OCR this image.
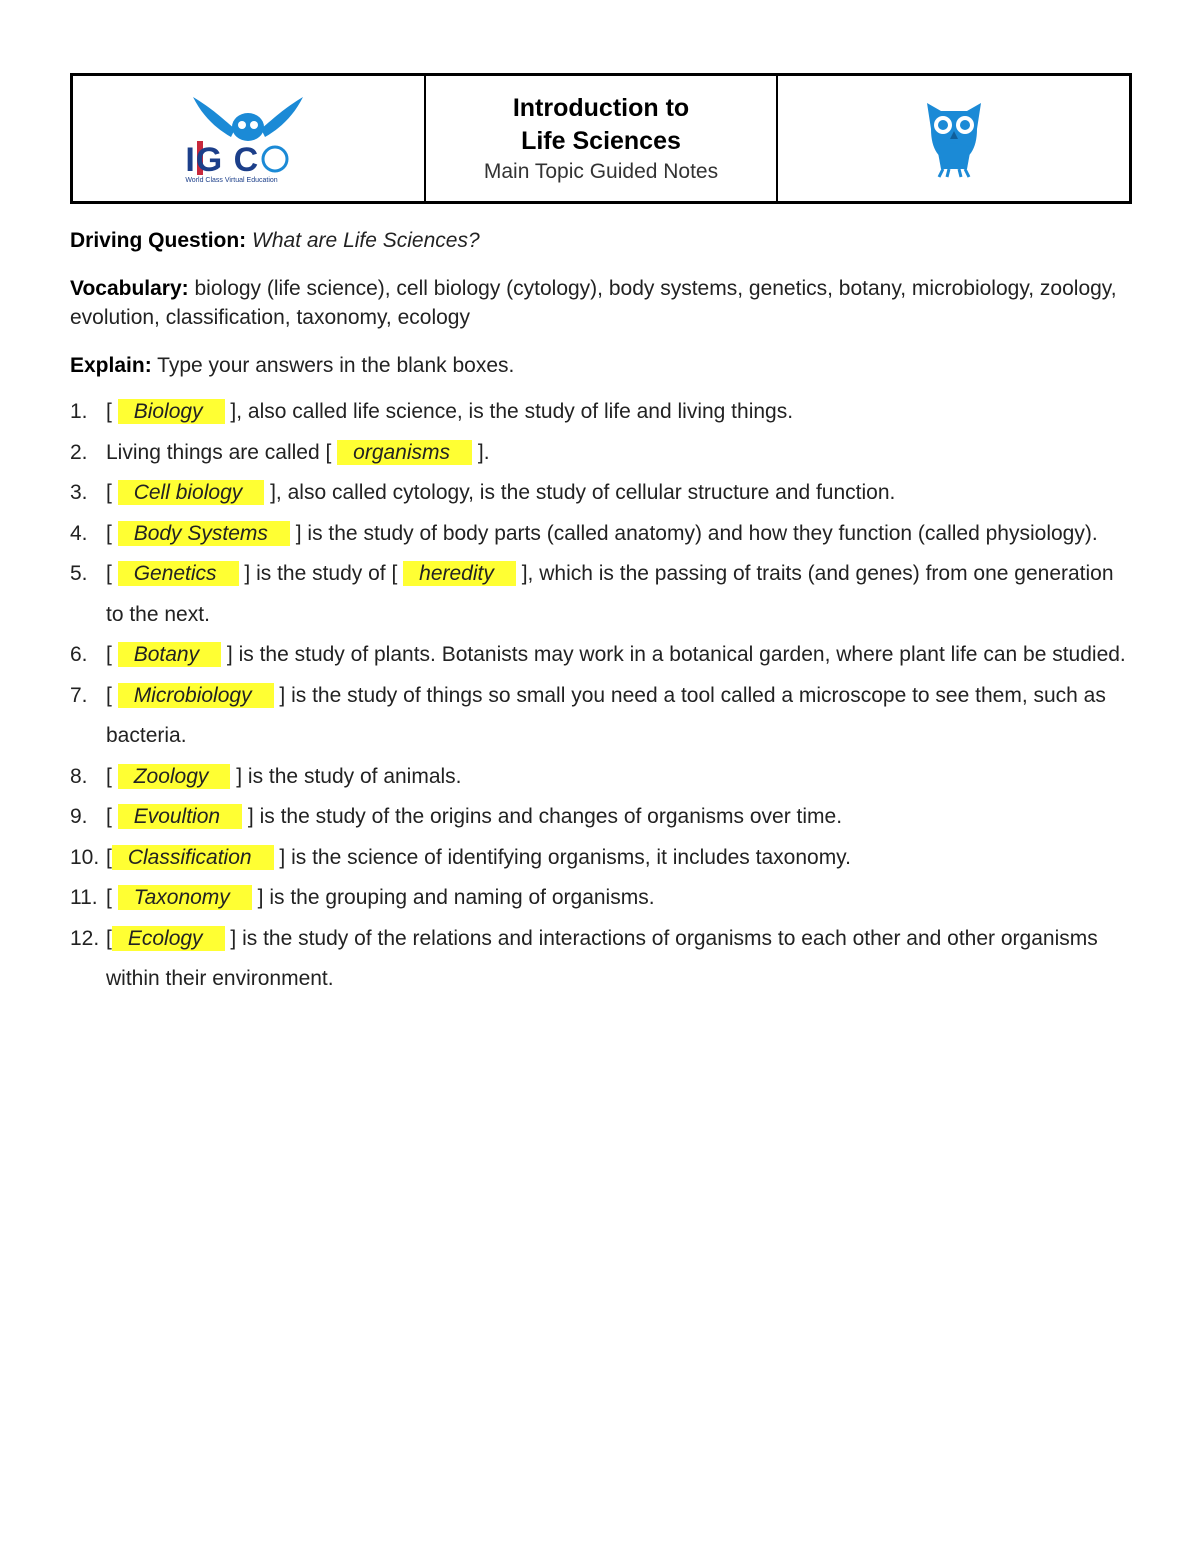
IG C
World Class Virtual Education
Introduction to
Life Sciences
Main Topic Guided Notes

Driving Question: What are Life Sciences?

Vocabulary: biology (life science), cell biology (cytology), body systems, genetics, botany, microbiology, zoology, evolution, classification, taxonomy, ecology

Explain: Type your answers in the blank boxes.

1. [ Biology ], also called life science, is the study of life and living things.
2. Living things are called [ organisms ].
3. [ Cell biology ], also called cytology, is the study of cellular structure and function.
4. [ Body Systems ] is the study of body parts (called anatomy) and how they function (called physiology).
5. [ Genetics ] is the study of [ heredity ], which is the passing of traits (and genes) from one generation to the next.
6. [ Botany ] is the study of plants. Botanists may work in a botanical garden, where plant life can be studied.
7. [ Microbiology ] is the study of things so small you need a tool called a microscope to see them, such as bacteria.
8. [ Zoology ] is the study of animals.
9. [ Evoultion ] is the study of the origins and changes of organisms over time.
10. [ Classification ] is the science of identifying organisms, it includes taxonomy.
11. [ Taxonomy ] is the grouping and naming of organisms.
12. [ Ecology ] is the study of the relations and interactions of organisms to each other and other organisms within their environment.
